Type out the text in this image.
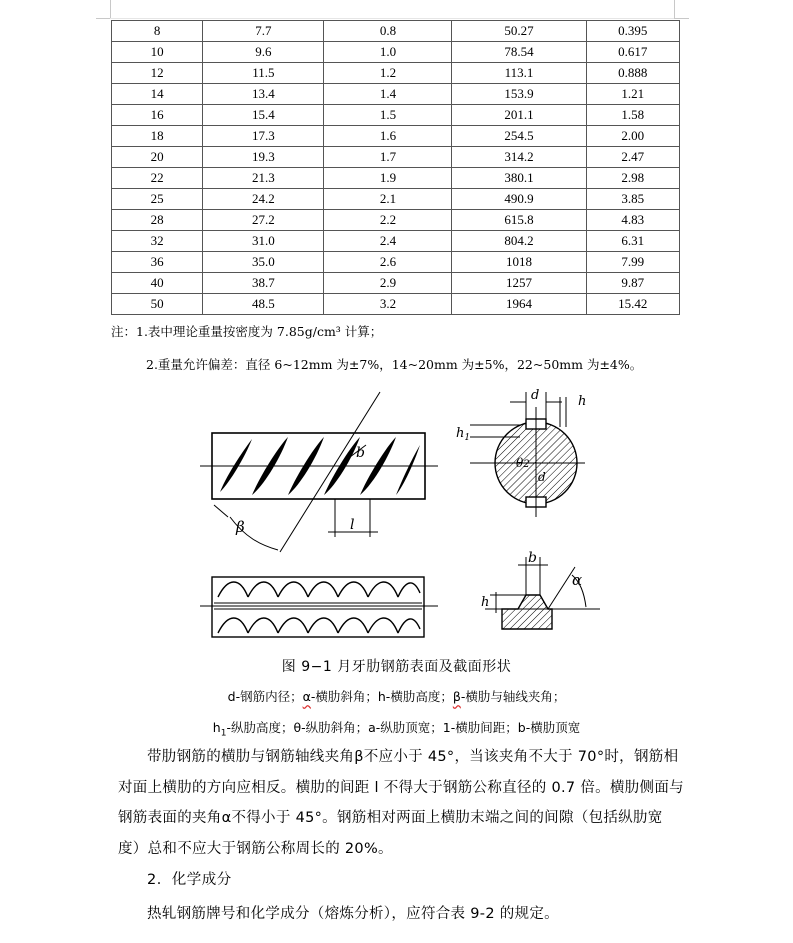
8	7.7	0.8	50.27	0.395
10	9.6	1.0	78.54	0.617
12	11.5	1.2	113.1	0.888
14	13.4	1.4	153.9	1.21
16	15.4	1.5	201.1	1.58
18	17.3	1.6	254.5	2.00
20	19.3	1.7	314.2	2.47
22	21.3	1.9	380.1	2.98
25	24.2	2.1	490.9	3.85
28	27.2	2.2	615.8	4.83
32	31.0	2.4	804.2	6.31
36	35.0	2.6	1018	7.99
40	38.7	2.9	1257	9.87
50	48.5	3.2	1964	15.42
注：1.表中理论重量按密度为 7.85g/cm³ 计算；
2.重量允许偏差：直径 6~12mm 为±7%，14~20mm 为±5%，22~50mm 为±4%。
β
b
l
d	h
$h_1$
θ2
d
b
α
h
图 9−1 月牙肋钢筋表面及截面形状
d-钢筋内径；α-横肋斜角；h-横肋高度；β-横肋与轴线夹角；
$h_1-$纵肋高度；θ-纵肋斜角；a-纵肋顶宽；1-横肋间距；b-横肋顶宽
带肋钢筋的横肋与钢筋轴线夹角β不应小于 45°，当该夹角不大于 70°时，钢筋相对面上横肋的方向应相反。横肋的间距 l 不得大于钢筋公称直径的 0.7 倍。横肋侧面与钢筋表面的夹角α不得小于 45°。钢筋相对两面上横肋末端之间的间隙（包括纵肋宽度）总和不应大于钢筋公称周长的 20%。
2．化学成分
热轧钢筋牌号和化学成分（熔炼分析），应符合表 9-2 的规定。
